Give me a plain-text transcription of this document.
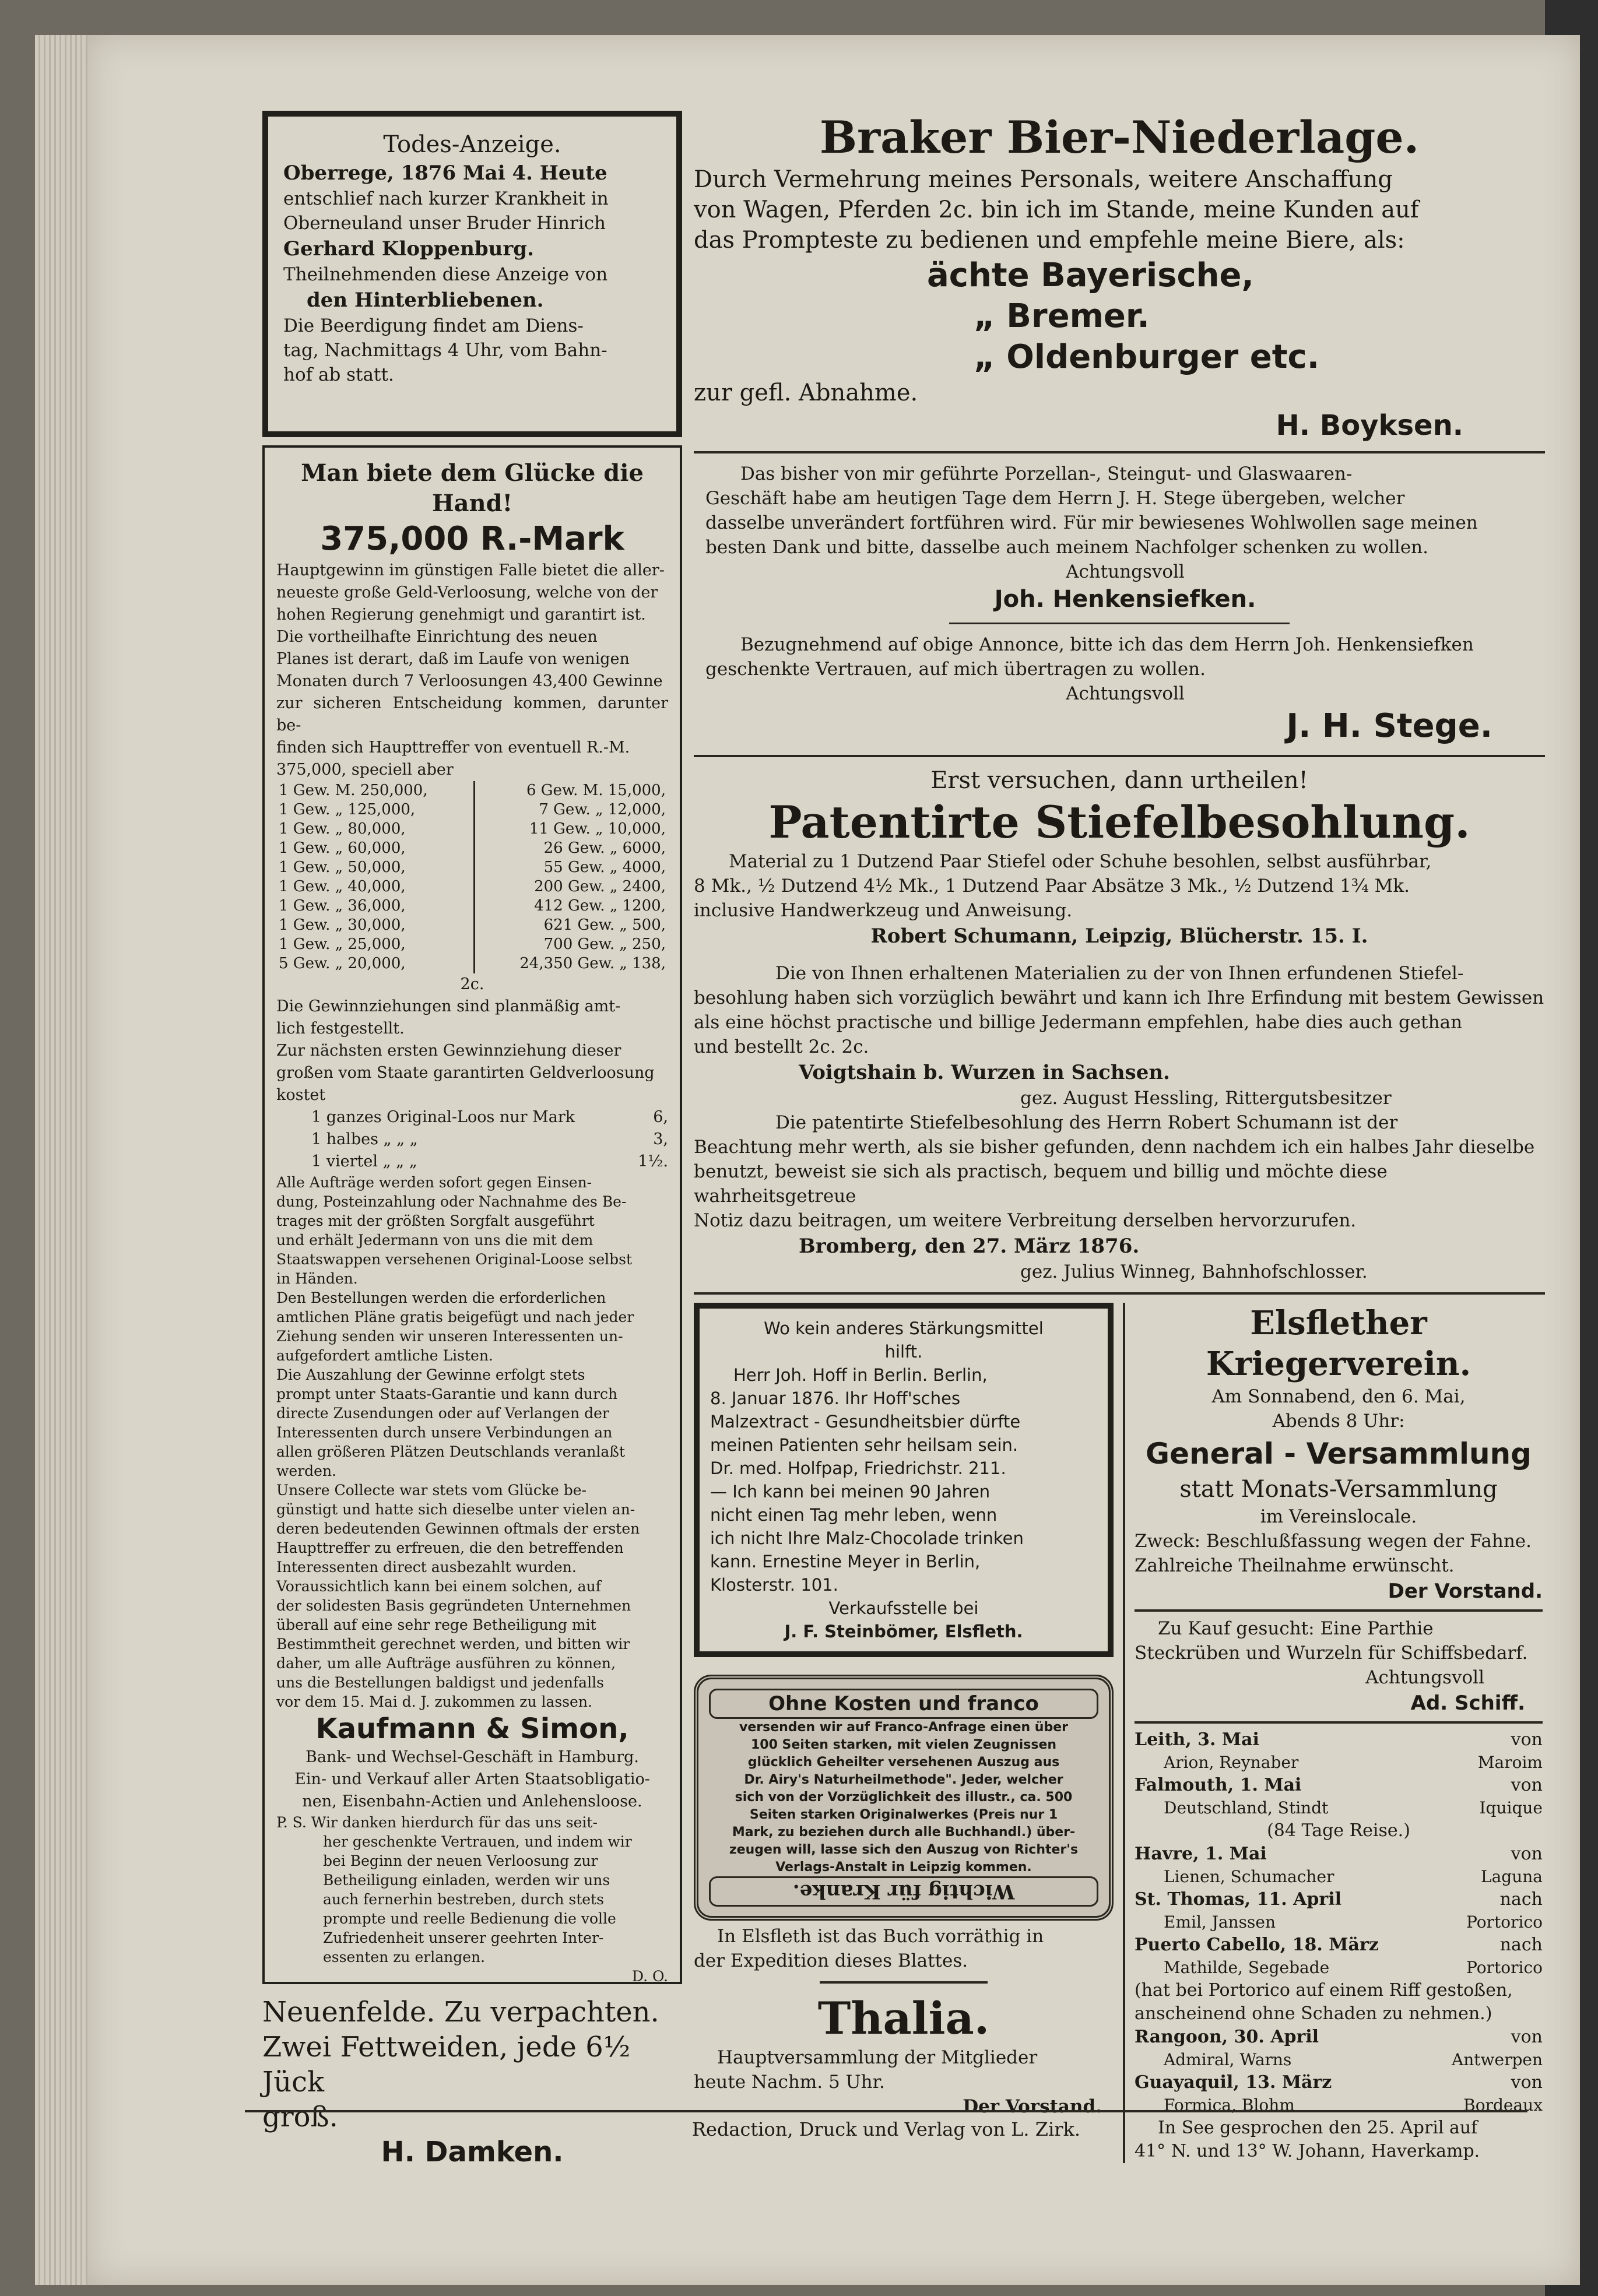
Todes-Anzeige.
Oberrege, 1876 Mai 4. Heute
entschlief nach kurzer Krankheit in
Oberneuland unser Bruder Hinrich
Gerhard Kloppenburg.
Theilnehmenden diese Anzeige von
den Hinterbliebenen.
Die Beerdigung findet am Diens-
tag, Nachmittags 4 Uhr, vom Bahn-
hof ab statt.
Man biete dem Glücke die Hand!
375,000 R.-Mark
Hauptgewinn im günstigen Falle bietet die aller-
neueste große Geld-Verloosung, welche von der
hohen Regierung genehmigt und garantirt ist.
Die vortheilhafte Einrichtung des neuen
Planes ist derart, daß im Laufe von wenigen
Monaten durch 7 Verloosungen 43,400 Gewinne
zur sicheren Entscheidung kommen, darunter be-
finden sich Haupttreffer von eventuell R.-M.
375,000, speciell aber
1 Gew. M. 250,000,	6 Gew. M. 15,000,
1 Gew. „ 125,000,	7 Gew. „ 12,000,
1 Gew. „ 80,000,	11 Gew. „ 10,000,
1 Gew. „ 60,000,	26 Gew. „ 6000,
1 Gew. „ 50,000,	55 Gew. „ 4000,
1 Gew. „ 40,000,	200 Gew. „ 2400,
1 Gew. „ 36,000,	412 Gew. „ 1200,
1 Gew. „ 30,000,	621 Gew. „ 500,
1 Gew. „ 25,000,	700 Gew. „ 250,
5 Gew. „ 20,000,	24,350 Gew. „ 138,
2c.
Die Gewinnziehungen sind planmäßig amt-
lich festgestellt.
Zur nächsten ersten Gewinnziehung dieser
großen vom Staate garantirten Geldverloosung
kostet
1 ganzes Original-Loos nur Mark	6,
1 halbes „ „ „	3,
1 viertel „ „ „	1½.
Alle Aufträge werden sofort gegen Einsen-
dung, Posteinzahlung oder Nachnahme des Be-
trages mit der größten Sorgfalt ausgeführt
und erhält Jedermann von uns die mit dem
Staatswappen versehenen Original-Loose selbst
in Händen.
Den Bestellungen werden die erforderlichen
amtlichen Pläne gratis beigefügt und nach jeder
Ziehung senden wir unseren Interessenten un-
aufgefordert amtliche Listen.
Die Auszahlung der Gewinne erfolgt stets
prompt unter Staats-Garantie und kann durch
directe Zusendungen oder auf Verlangen der
Interessenten durch unsere Verbindungen an
allen größeren Plätzen Deutschlands veranlaßt
werden.
Unsere Collecte war stets vom Glücke be-
günstigt und hatte sich dieselbe unter vielen an-
deren bedeutenden Gewinnen oftmals der ersten
Haupttreffer zu erfreuen, die den betreffenden
Interessenten direct ausbezahlt wurden.
Voraussichtlich kann bei einem solchen, auf
der solidesten Basis gegründeten Unternehmen
überall auf eine sehr rege Betheiligung mit
Bestimmtheit gerechnet werden, und bitten wir
daher, um alle Aufträge ausführen zu können,
uns die Bestellungen baldigst und jedenfalls
vor dem 15. Mai d. J. zukommen zu lassen.
Kaufmann & Simon,
Bank- und Wechsel-Geschäft in Hamburg.
Ein- und Verkauf aller Arten Staatsobligatio-
nen, Eisenbahn-Actien und Anlehensloose.
P. S. Wir danken hierdurch für das uns seit-
her geschenkte Vertrauen, und indem wir
bei Beginn der neuen Verloosung zur
Betheiligung einladen, werden wir uns
auch fernerhin bestreben, durch stets
prompte und reelle Bedienung die volle
Zufriedenheit unserer geehrten Inter-
essenten zu erlangen.
D. O.
Neuenfelde. Zu verpachten.
Zwei Fettweiden, jede 6½ Jück
groß.
H. Damken.
Braker Bier-Niederlage.
Durch Vermehrung meines Personals, weitere Anschaffung
von Wagen, Pferden 2c. bin ich im Stande, meine Kunden auf
das Prompteste zu bedienen und empfehle meine Biere, als:
ächte Bayerische,
„ Bremer.
„ Oldenburger etc.
zur gefl. Abnahme.
H. Boyksen.
Das bisher von mir geführte Porzellan-, Steingut- und Glaswaaren-
Geschäft habe am heutigen Tage dem Herrn J. H. Stege übergeben, welcher
dasselbe unverändert fortführen wird. Für mir bewiesenes Wohlwollen sage meinen
besten Dank und bitte, dasselbe auch meinem Nachfolger schenken zu wollen.
Achtungsvoll
Joh. Henkensiefken.
Bezugnehmend auf obige Annonce, bitte ich das dem Herrn Joh. Henkensiefken
geschenkte Vertrauen, auf mich übertragen zu wollen.
Achtungsvoll
J. H. Stege.
Erst versuchen, dann urtheilen!
Patentirte Stiefelbesohlung.
Material zu 1 Dutzend Paar Stiefel oder Schuhe besohlen, selbst ausführbar,
8 Mk., ½ Dutzend 4½ Mk., 1 Dutzend Paar Absätze 3 Mk., ½ Dutzend 1¾ Mk.
inclusive Handwerkzeug und Anweisung.
Robert Schumann, Leipzig, Blücherstr. 15. I.
Die von Ihnen erhaltenen Materialien zu der von Ihnen erfundenen Stiefel-
besohlung haben sich vorzüglich bewährt und kann ich Ihre Erfindung mit bestem Gewissen
als eine höchst practische und billige Jedermann empfehlen, habe dies auch gethan
und bestellt 2c. 2c.
Voigtshain b. Wurzen in Sachsen.
gez. August Hessling, Rittergutsbesitzer
Die patentirte Stiefelbesohlung des Herrn Robert Schumann ist der
Beachtung mehr werth, als sie bisher gefunden, denn nachdem ich ein halbes Jahr dieselbe
benutzt, beweist sie sich als practisch, bequem und billig und möchte diese wahrheitsgetreue
Notiz dazu beitragen, um weitere Verbreitung derselben hervorzurufen.
Bromberg, den 27. März 1876.
gez. Julius Winneg, Bahnhofschlosser.
Wo kein anderes Stärkungsmittel
hilft.
Herr Joh. Hoff in Berlin. Berlin,
8. Januar 1876. Ihr Hoff'sches
Malzextract - Gesundheitsbier dürfte
meinen Patienten sehr heilsam sein.
Dr. med. Holfpap, Friedrichstr. 211.
— Ich kann bei meinen 90 Jahren
nicht einen Tag mehr leben, wenn
ich nicht Ihre Malz-Chocolade trinken
kann. Ernestine Meyer in Berlin,
Klosterstr. 101.
Verkaufsstelle bei
J. F. Steinbömer, Elsfleth.
Ohne Kosten und franco
versenden wir auf Franco-Anfrage einen über
100 Seiten starken, mit vielen Zeugnissen
glücklich Geheilter versehenen Auszug aus
Dr. Airy's Naturheilmethode". Jeder, welcher
sich von der Vorzüglichkeit des illustr., ca. 500
Seiten starken Originalwerkes (Preis nur 1
Mark, zu beziehen durch alle Buchhandl.) über-
zeugen will, lasse sich den Auszug von Richter's
Verlags-Anstalt in Leipzig kommen.
Wichtig für Kranke.
In Elsfleth ist das Buch vorräthig in
der Expedition dieses Blattes.
Thalia.
Hauptversammlung der Mitglieder
heute Nachm. 5 Uhr.
Der Vorstand.
Elsflether Kriegerverein.
Am Sonnabend, den 6. Mai,
Abends 8 Uhr:
General - Versammlung
statt Monats-Versammlung
im Vereinslocale.
Zweck: Beschlußfassung wegen der Fahne.
Zahlreiche Theilnahme erwünscht.
Der Vorstand.
Zu Kauf gesucht: Eine Parthie
Steckrüben und Wurzeln für Schiffsbedarf.
Achtungsvoll
Ad. Schiff.
Leith, 3. Mai	von
Arion, Reynaber	Maroim
Falmouth, 1. Mai	von
Deutschland, Stindt	Iquique
(84 Tage Reise.)
Havre, 1. Mai	von
Lienen, Schumacher	Laguna
St. Thomas, 11. April	nach
Emil, Janssen	Portorico
Puerto Cabello, 18. März	nach
Mathilde, Segebade	Portorico
(hat bei Portorico auf einem Riff gestoßen,
anscheinend ohne Schaden zu nehmen.)
Rangoon, 30. April	von
Admiral, Warns	Antwerpen
Guayaquil, 13. März	von
Formica, Blohm	Bordeaux
In See gesprochen den 25. April auf
41° N. und 13° W. Johann, Haverkamp.
Redaction, Druck und Verlag von L. Zirk.
